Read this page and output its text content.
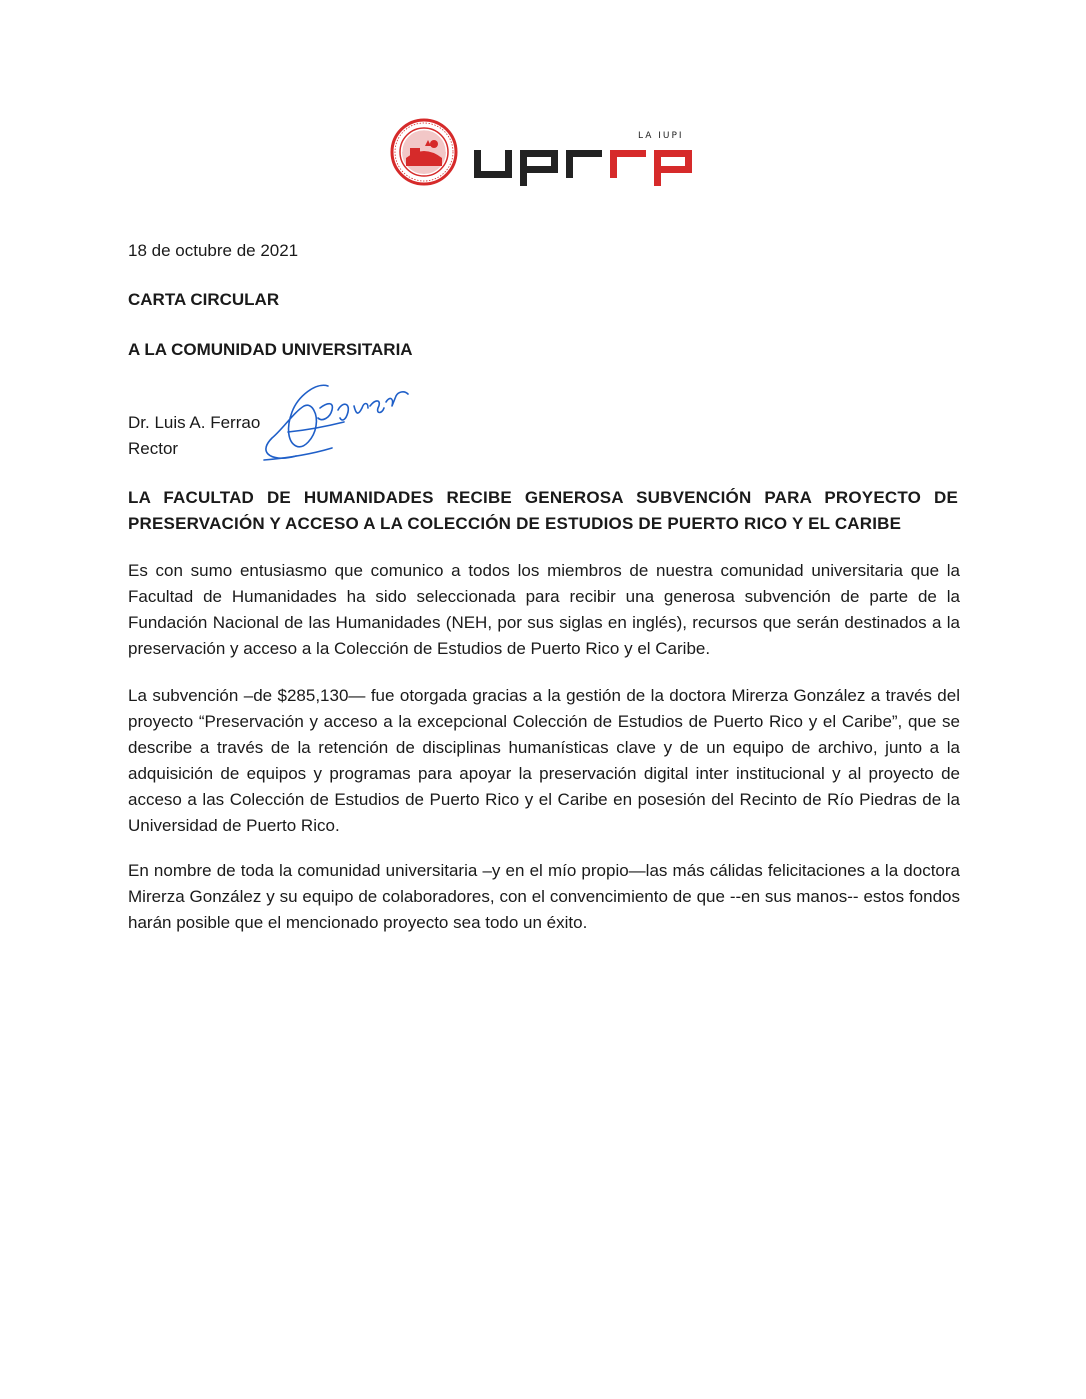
LA IUPI

18 de octubre de 2021

CARTA CIRCULAR

A LA COMUNIDAD UNIVERSITARIA

Dr. Luis A. Ferrao

Rector

LA FACULTAD DE HUMANIDADES RECIBE GENEROSA SUBVENCIÓN PARA PROYECTO DE PRESERVACIÓN Y ACCESO A LA COLECCIÓN DE ESTUDIOS DE PUERTO RICO Y EL CARIBE

Es con sumo entusiasmo que comunico a todos los miembros de nuestra comunidad universitaria que la Facultad de Humanidades ha sido seleccionada para recibir una generosa subvención de parte de la Fundación Nacional de las Humanidades (NEH, por sus siglas en inglés), recursos que serán destinados a la preservación y acceso a la Colección de Estudios de Puerto Rico y el Caribe.

La subvención –de $285,130— fue otorgada gracias a la gestión de la doctora Mirerza González a través del proyecto “Preservación y acceso a la excepcional Colección de Estudios de Puerto Rico y el Caribe”, que se describe a través de la retención de disciplinas humanísticas clave y de un equipo de archivo, junto a la adquisición de equipos y programas para apoyar la preservación digital inter institucional y al proyecto de acceso a las Colección de Estudios de Puerto Rico y el Caribe en posesión del Recinto de Río Piedras de la Universidad de Puerto Rico.

En nombre de toda la comunidad universitaria –y en el mío propio—las más cálidas felicitaciones a la doctora Mirerza González y su equipo de colaboradores, con el convencimiento de que --en sus manos-- estos fondos harán posible que el mencionado proyecto sea todo un éxito.
